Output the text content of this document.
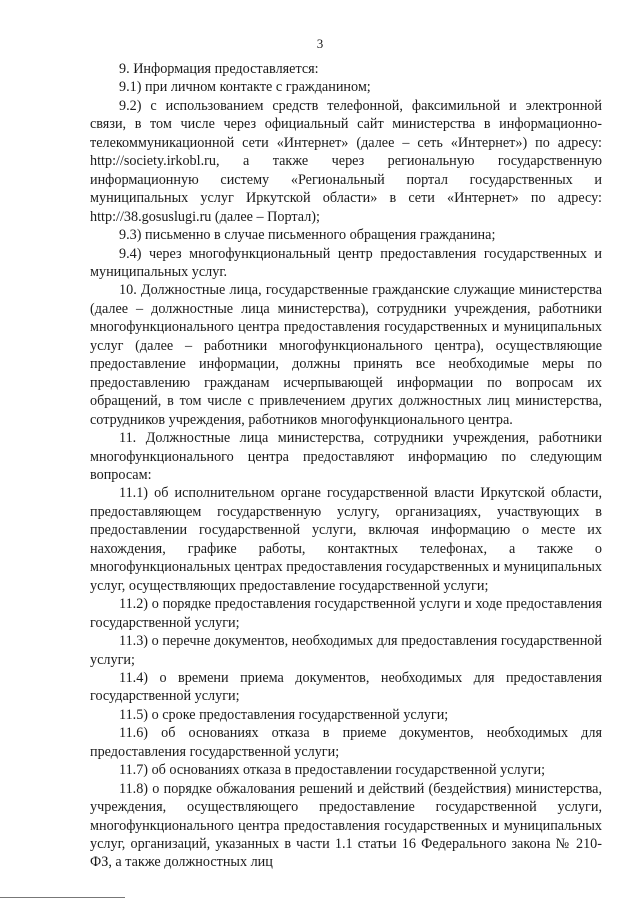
3

9. Информация предоставляется:

9.1) при личном контакте с гражданином;

9.2) с использованием средств телефонной, факсимильной и электронной связи, в том числе через официальный сайт министерства в информационно-телекоммуникационной сети «Интернет» (далее – сеть «Интернет») по адресу: http://society.irkobl.ru, а также через региональную государственную информационную систему «Региональный портал государственных и муниципальных услуг Иркутской области» в сети «Интернет» по адресу: http://38.gosuslugi.ru (далее – Портал);

9.3) письменно в случае письменного обращения гражданина;

9.4) через многофункциональный центр предоставления государственных и муниципальных услуг.

10. Должностные лица, государственные гражданские служащие министерства (далее – должностные лица министерства), сотрудники учреждения, работники многофункционального центра предоставления государственных и муниципальных услуг (далее – работники многофункционального центра), осуществляющие предоставление информации, должны принять все необходимые меры по предоставлению гражданам исчерпывающей информации по вопросам их обращений, в том числе с привлечением других должностных лиц министерства, сотрудников учреждения, работников многофункционального центра.

11. Должностные лица министерства, сотрудники учреждения, работники многофункционального центра предоставляют информацию по следующим вопросам:

11.1) об исполнительном органе государственной власти Иркутской области, предоставляющем государственную услугу, организациях, участвующих в предоставлении государственной услуги, включая информацию о месте их нахождения, графике работы, контактных телефонах, а также о многофункциональных центрах предоставления государственных и муниципальных услуг, осуществляющих предоставление государственной услуги;

11.2) о порядке предоставления государственной услуги и ходе предоставления государственной услуги;

11.3) о перечне документов, необходимых для предоставления государственной услуги;

11.4) о времени приема документов, необходимых для предоставления государственной услуги;

11.5) о сроке предоставления государственной услуги;

11.6) об основаниях отказа в приеме документов, необходимых для предоставления государственной услуги;

11.7) об основаниях отказа в предоставлении государственной услуги;

11.8) о порядке обжалования решений и действий (бездействия) министерства, учреждения, осуществляющего предоставление государственной услуги, многофункционального центра предоставления государственных и муниципальных услуг, организаций, указанных в части 1.1 статьи 16 Федерального закона № 210-ФЗ, а также должностных лиц
